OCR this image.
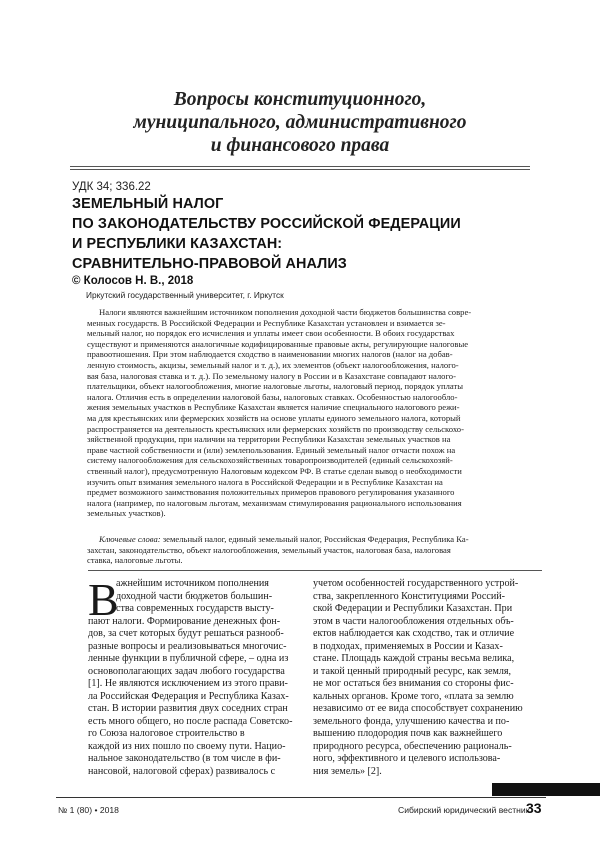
Вопросы конституционного,
муниципального, административного
и финансового права
УДК 34; 336.22
ЗЕМЕЛЬНЫЙ НАЛОГ
ПО ЗАКОНОДАТЕЛЬСТВУ РОССИЙСКОЙ ФЕДЕРАЦИИ
И РЕСПУБЛИКИ КАЗАХСТАН:
СРАВНИТЕЛЬНО-ПРАВОВОЙ АНАЛИЗ
© Колосов Н. В., 2018
Иркутский государственный университет, г. Иркутск
Налоги являются важнейшим источником пополнения доходной части бюджетов большинства совре-
менных государств. В Российской Федерации и Республике Казахстан установлен и взимается зе-
мельный налог, но порядок его исчисления и уплаты имеет свои особенности. В обоих государствах
существуют и применяются аналогичные кодифицированные правовые акты, регулирующие налоговые
правоотношения. При этом наблюдается сходство в наименовании многих налогов (налог на добав-
ленную стоимость, акцизы, земельный налог и т. д.), их элементов (объект налогообложения, налого-
вая база, налоговая ставка и т. д.). По земельному налогу в России и в Казахстане совпадают налого-
плательщики, объект налогообложения, многие налоговые льготы, налоговый период, порядок уплаты
налога. Отличия есть в определении налоговой базы, налоговых ставках. Особенностью налогообло-
жения земельных участков в Республике Казахстан является наличие специального налогового режи-
ма для крестьянских или фермерских хозяйств на основе уплаты единого земельного налога, который
распространяется на деятельность крестьянских или фермерских хозяйств по производству сельскохо-
зяйственной продукции, при наличии на территории Республики Казахстан земельных участков на
праве частной собственности и (или) землепользования. Единый земельный налог отчасти похож на
систему налогообложения для сельскохозяйственных товаропроизводителей (единый сельскохозяй-
ственный налог), предусмотренную Налоговым кодексом РФ. В статье сделан вывод о необходимости
изучить опыт взимания земельного налога в Российской Федерации и в Республике Казахстан на
предмет возможного заимствования положительных примеров правового регулирования указанного
налога (например, по налоговым льготам, механизмам стимулирования рационального использования
земельных участков).
Ключевые слова: земельный налог, единый земельный налог, Российская Федерация, Республика Ка-
захстан, законодательство, объект налогообложения, земельный участок, налоговая база, налоговая
ставка, налоговые льготы.
В
ажнейшим источником пополнения
доходной части бюджетов большин-
ства современных государств высту-
пают налоги. Формирование денежных фон-
дов, за счет которых будут решаться разнооб-
разные вопросы и реализовываться многочис-
ленные функции в публичной сфере, – одна из
основополагающих задач любого государства
[1]. Не являются исключением из этого прави-
ла Российская Федерация и Республика Казах-
стан. В истории развития двух соседних стран
есть много общего, но после распада Советско-
го Союза налоговое строительство в
каждой из них пошло по своему пути. Нацио-
нальное законодательство (в том числе в фи-
нансовой, налоговой сферах) развивалось с
учетом особенностей государственного устрой-
ства, закрепленного Конституциями Россий-
ской Федерации и Республики Казахстан. При
этом в части налогообложения отдельных объ-
ектов наблюдается как сходство, так и отличие
в подходах, применяемых в России и Казах-
стане. Площадь каждой страны весьма велика,
и такой ценный природный ресурс, как земля,
не мог остаться без внимания со стороны фис-
кальных органов. Кроме того, «плата за землю
независимо от ее вида способствует сохранению
земельного фонда, улучшению качества и по-
вышению плодородия почв как важнейшего
природного ресурса, обеспечению рациональ-
ного, эффективного и целевого использова-
ния земель» [2].
№ 1 (80) • 2018	Сибирский юридический вестник
33
